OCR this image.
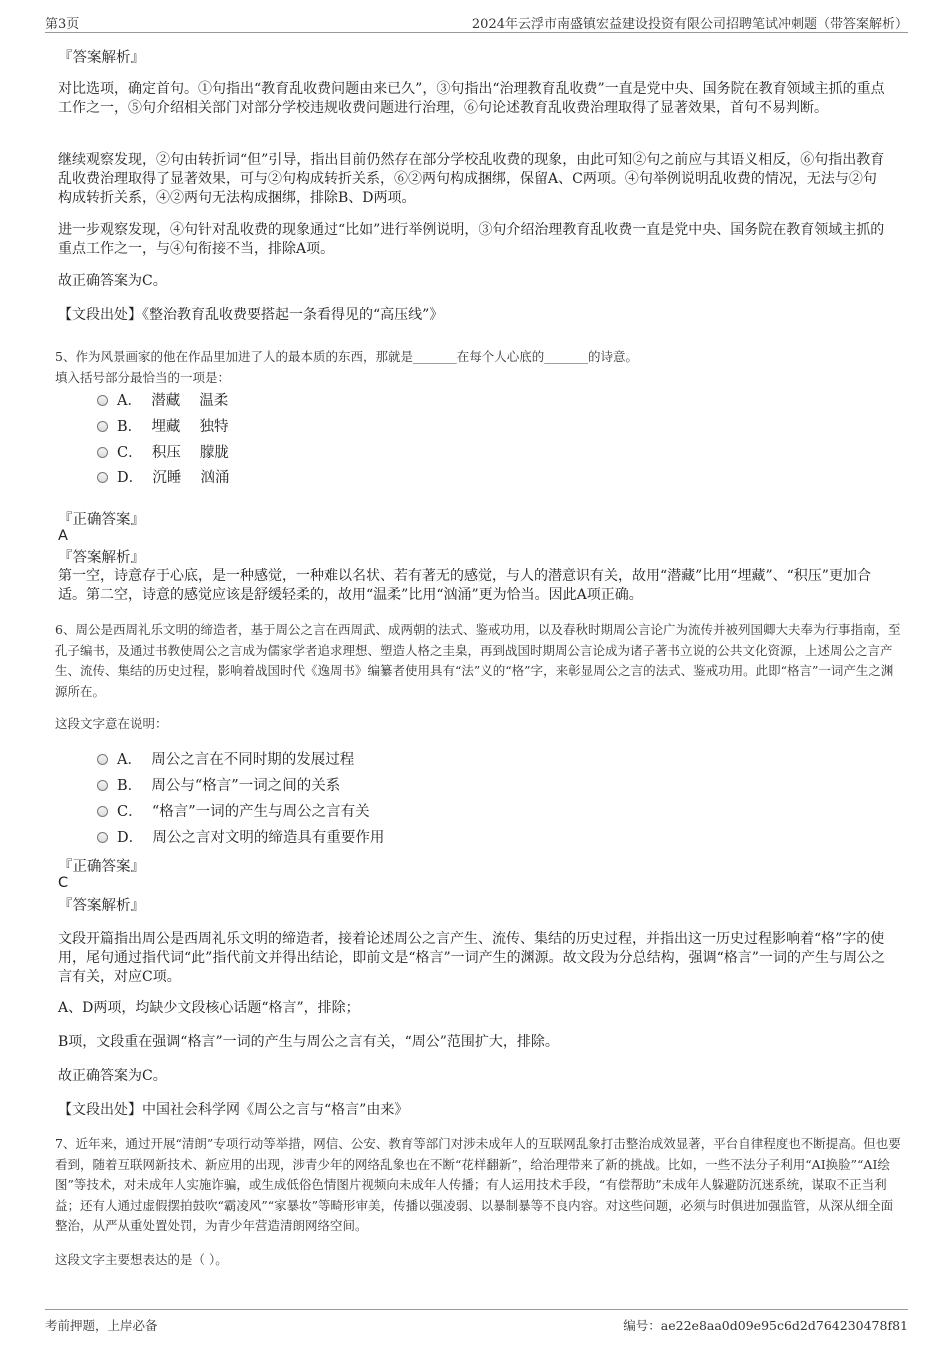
第3页	2024年云浮市南盛镇宏益建设投资有限公司招聘笔试冲刺题（带答案解析）

『答案解析』

对比选项，确定首句。①句指出“教育乱收费问题由来已久”，③句指出“治理教育乱收费”一直是党中央、国务院在教育领域主抓的重点工作之一，⑤句介绍相关部门对部分学校违规收费问题进行治理，⑥句论述教育乱收费治理取得了显著效果，首句不易判断。

继续观察发现，②句由转折词“但”引导，指出目前仍然存在部分学校乱收费的现象，由此可知②句之前应与其语义相反，⑥句指出教育乱收费治理取得了显著效果，可与②句构成转折关系，⑥②两句构成捆绑，保留A、C两项。④句举例说明乱收费的情况，无法与②句构成转折关系，④②两句无法构成捆绑，排除B、D两项。

进一步观察发现，④句针对乱收费的现象通过“比如”进行举例说明，③句介绍治理教育乱收费一直是党中央、国务院在教育领域主抓的重点工作之一，与④句衔接不当，排除A项。

故正确答案为C。

【文段出处】《整治教育乱收费要搭起一条看得见的“高压线”》

5、作为风景画家的他在作品里加进了人的最本质的东西，那就是_______在每个人心底的_______的诗意。

填入括号部分最恰当的一项是：

A． 潜藏　 温柔
B． 埋藏　 独特
C． 积压　 朦胧
D． 沉睡　 汹涌

『正确答案』

A

『答案解析』

第一空，诗意存于心底，是一种感觉，一种难以名状、若有著无的感觉，与人的潜意识有关，故用“潜藏”比用“埋藏”、“积压”更加合适。第二空，诗意的感觉应该是舒缓轻柔的，故用“温柔”比用“汹涌”更为恰当。因此A项正确。

6、周公是西周礼乐文明的缔造者，基于周公之言在西周武、成两朝的法式、鉴戒功用，以及春秋时期周公言论广为流传并被列国卿大夫奉为行事指南，至孔子编书，及通过书教使周公之言成为儒家学者追求理想、塑造人格之圭臬，再到战国时期周公言论成为诸子著书立说的公共文化资源，上述周公之言产生、流传、集结的历史过程，影响着战国时代《逸周书》编纂者使用具有“法”义的“格”字，来彰显周公之言的法式、鉴戒功用。此即“格言”一词产生之渊源所在。

这段文字意在说明：

A． 周公之言在不同时期的发展过程
B． 周公与“格言”一词之间的关系
C． “格言”一词的产生与周公之言有关
D． 周公之言对文明的缔造具有重要作用

『正确答案』

C

『答案解析』

文段开篇指出周公是西周礼乐文明的缔造者，接着论述周公之言产生、流传、集结的历史过程，并指出这一历史过程影响着“格”字的使用，尾句通过指代词“此”指代前文并得出结论，即前文是“格言”一词产生的渊源。故文段为分总结构，强调“格言”一词的产生与周公之言有关，对应C项。

A、D两项，均缺少文段核心话题“格言”，排除；

B项，文段重在强调“格言”一词的产生与周公之言有关，“周公”范围扩大，排除。

故正确答案为C。

【文段出处】中国社会科学网《周公之言与“格言”由来》

7、近年来，通过开展“清朗”专项行动等举措，网信、公安、教育等部门对涉未成年人的互联网乱象打击整治成效显著，平台自律程度也不断提高。但也要看到，随着互联网新技术、新应用的出现，涉青少年的网络乱象也在不断“花样翻新”，给治理带来了新的挑战。比如，一些不法分子利用“AI换脸”“AI绘图”等技术，对未成年人实施诈骗，或生成低俗色情图片视频向未成年人传播；有人运用技术手段，“有偿帮助”未成年人躲避防沉迷系统，谋取不正当利益；还有人通过虚假摆拍鼓吹“霸凌风”“家暴妆”等畸形审美，传播以强凌弱、以暴制暴等不良内容。对这些问题，必须与时俱进加强监管，从深从细全面整治，从严从重处置处罚，为青少年营造清朗网络空间。

这段文字主要想表达的是（ ）。

考前押题，上岸必备	编号：ae22e8aa0d09e95c6d2d764230478f81
